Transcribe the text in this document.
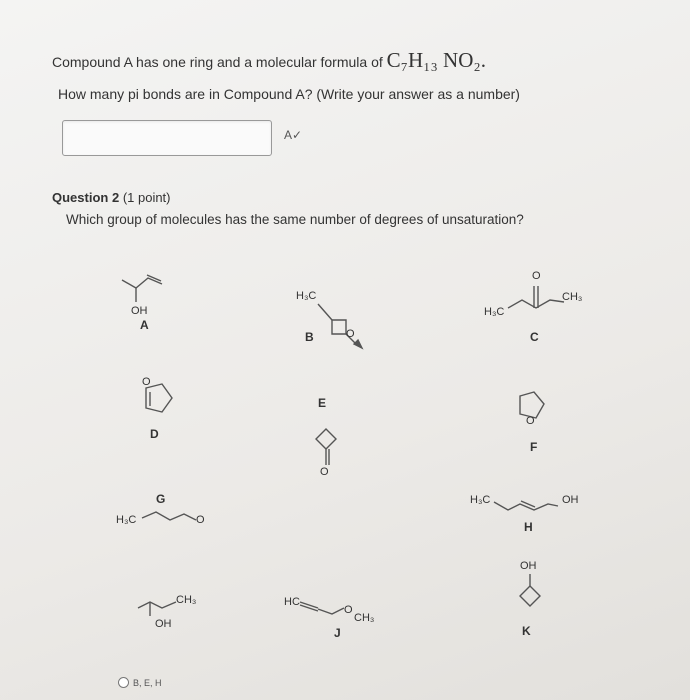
Compound A has one ring and a molecular formula of C₇H₁₃ NO₂.
How many pi bonds are in Compound A? (Write your answer as a number)
A✓
Question 2 (1 point)
Which group of molecules has the same number of degrees of unsaturation?
OH
A
H₃C
O
B
O
H₃C
CH₃
C
O
D
E
O
O
F
G
H₃C	O
H₃C	OH
H
CH₃
OH
HC
O
CH₃
J
OH
K
B, E, H
